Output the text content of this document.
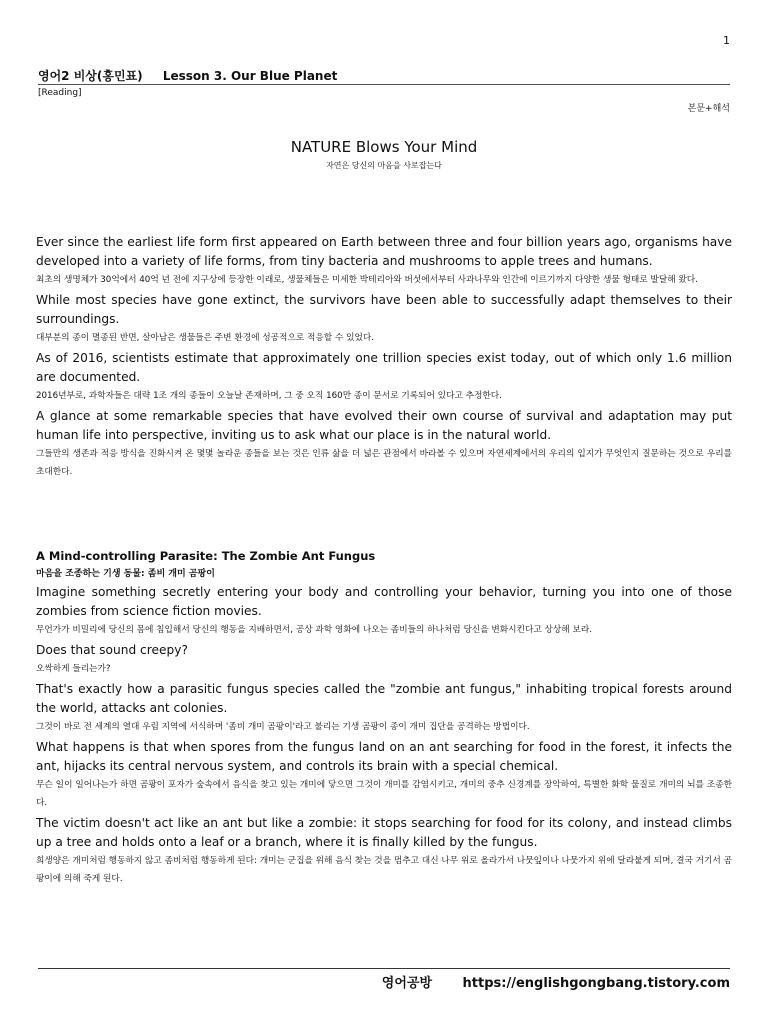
1
영어2 비상(홍민표) Lesson 3. Our Blue Planet
[Reading]
본문+해석
NATURE Blows Your Mind
자연은 당신의 마음을 사로잡는다

Ever since the earliest life form first appeared on Earth between three and four billion years ago, organisms have developed into a variety of life forms, from tiny bacteria and mushrooms to apple trees and humans.

최초의 생명체가 30억에서 40억 년 전에 지구상에 등장한 이래로, 생물체들은 미세한 박테리아와 버섯에서부터 사과나무와 인간에 이르기까지 다양한 생물 형태로 발달해 왔다.

While most species have gone extinct, the survivors have been able to successfully adapt themselves to their surroundings.

대부분의 종이 멸종된 반면, 살아남은 생물들은 주변 환경에 성공적으로 적응할 수 있었다.

As of 2016, scientists estimate that approximately one trillion species exist today, out of which only 1.6 million are documented.

2016년부로, 과학자들은 대략 1조 개의 종들이 오늘날 존재하며, 그 중 오직 160만 종이 문서로 기록되어 있다고 추정한다.

A glance at some remarkable species that have evolved their own course of survival and adaptation may put human life into perspective, inviting us to ask what our place is in the natural world.

그들만의 생존과 적응 방식을 진화시켜 온 몇몇 놀라운 종들을 보는 것은 인류 삶을 더 넓은 관점에서 바라볼 수 있으며 자연세계에서의 우리의 입지가 무엇인지 질문하는 것으로 우리를 초대한다.

A Mind-controlling Parasite: The Zombie Ant Fungus

마음을 조종하는 기생 동물: 좀비 개미 곰팡이

Imagine something secretly entering your body and controlling your behavior, turning you into one of those zombies from science fiction movies.

무언가가 비밀리에 당신의 몸에 침입해서 당신의 행동을 지배하면서, 공상 과학 영화에 나오는 좀비들의 하나처럼 당신을 변화시킨다고 상상해 보라.

Does that sound creepy?

오싹하게 들리는가?

That's exactly how a parasitic fungus species called the "zombie ant fungus," inhabiting tropical forests around the world, attacks ant colonies.

그것이 바로 전 세계의 열대 우림 지역에 서식하며 '좀비 개미 곰팡이'라고 불리는 기생 곰팡이 종이 개미 집단을 공격하는 방법이다.

What happens is that when spores from the fungus land on an ant searching for food in the forest, it infects the ant, hijacks its central nervous system, and controls its brain with a special chemical.

무슨 일이 일어나는가 하면 곰팡이 포자가 숲속에서 음식을 찾고 있는 개미에 닿으면 그것이 개미를 감염시키고, 개미의 중추 신경계를 장악하여, 특별한 화학 물질로 개미의 뇌를 조종한다.

The victim doesn't act like an ant but like a zombie: it stops searching for food for its colony, and instead climbs up a tree and holds onto a leaf or a branch, where it is finally killed by the fungus.

희생양은 개미처럼 행동하지 않고 좀비처럼 행동하게 된다: 개미는 군집을 위해 음식 찾는 것을 멈추고 대신 나무 위로 올라가서 나뭇잎이나 나뭇가지 위에 달라붙게 되며, 결국 거기서 곰팡이에 의해 죽게 된다.

영어공방 https://englishgongbang.tistory.com
